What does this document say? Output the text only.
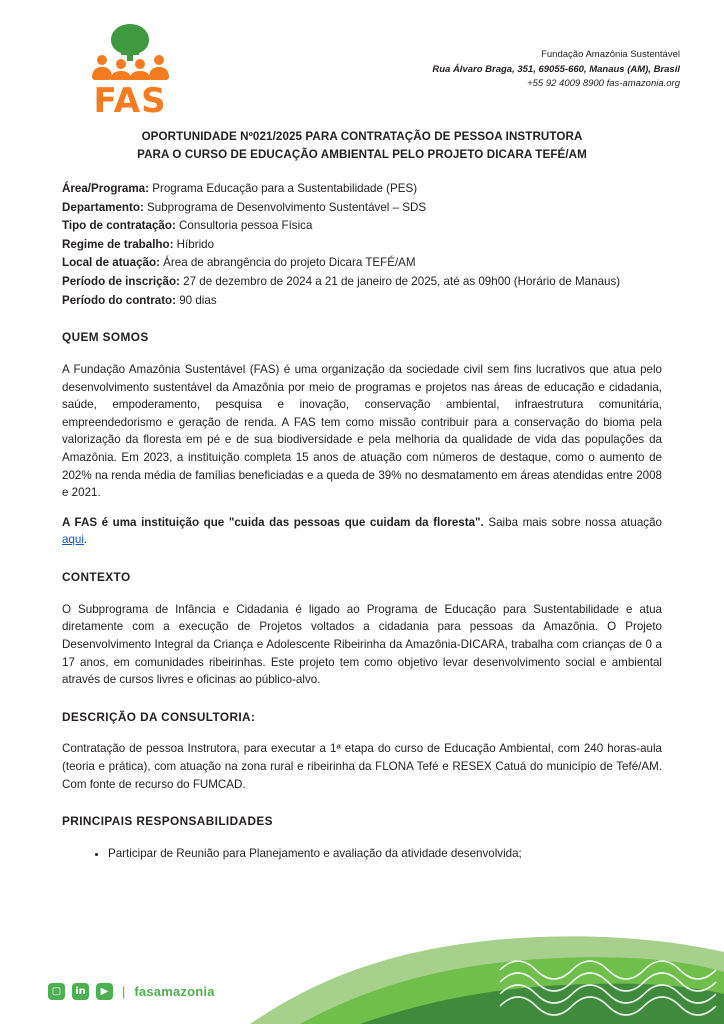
FAS
Fundação Amazônia Sustentável
Rua Álvaro Braga, 351, 69055-660, Manaus (AM), Brasil
+55 92 4009 8900 fas-amazonia.org
OPORTUNIDADE Nº021/2025 PARA CONTRATAÇÃO DE PESSOA INSTRUTORA
PARA O CURSO DE EDUCAÇÃO AMBIENTAL PELO PROJETO DICARA TEFÉ/AM

Área/Programa: Programa Educação para a Sustentabilidade (PES)

Departamento: Subprograma de Desenvolvimento Sustentável – SDS

Tipo de contratação: Consultoria pessoa Física

Regime de trabalho: Híbrido

Local de atuação: Área de abrangência do projeto Dicara TEFÉ/AM

Período de inscrição: 27 de dezembro de 2024 a 21 de janeiro de 2025, até as 09h00 (Horário de Manaus)

Período do contrato: 90 dias

QUEM SOMOS

A Fundação Amazônia Sustentável (FAS) é uma organização da sociedade civil sem fins lucrativos que atua pelo desenvolvimento sustentável da Amazônia por meio de programas e projetos nas áreas de educação e cidadania, saúde, empoderamento, pesquisa e inovação, conservação ambiental, infraestrutura comunitária, empreendedorismo e geração de renda. A FAS tem como missão contribuir para a conservação do bioma pela valorização da floresta em pé e de sua biodiversidade e pela melhoria da qualidade de vida das populações da Amazônia. Em 2023, a instituição completa 15 anos de atuação com números de destaque, como o aumento de 202% na renda média de famílias beneficiadas e a queda de 39% no desmatamento em áreas atendidas entre 2008 e 2021.

A FAS é uma instituição que "cuida das pessoas que cuidam da floresta". Saiba mais sobre nossa atuação aqui.

CONTEXTO

O Subprograma de Infância e Cidadania é ligado ao Programa de Educação para Sustentabilidade e atua diretamente com a execução de Projetos voltados a cidadania para pessoas da Amazônia. O Projeto Desenvolvimento Integral da Criança e Adolescente Ribeirinha da Amazônia-DICARA, trabalha com crianças de 0 a 17 anos, em comunidades ribeirinhas. Este projeto tem como objetivo levar desenvolvimento social e ambiental através de cursos livres e oficinas ao público-alvo.

DESCRIÇÃO DA CONSULTORIA:

Contratação de pessoa Instrutora, para executar a 1ª etapa do curso de Educação Ambiental, com 240 horas-aula (teoria e prática), com atuação na zona rural e ribeirinha da FLONA Tefé e RESEX Catuá do município de Tefé/AM. Com fonte de recurso do FUMCAD.

PRINCIPAIS RESPONSABILIDADES
• Participar de Reunião para Planejamento e avaliação da atividade desenvolvida;
▢	in	▶	| fasamazonia
